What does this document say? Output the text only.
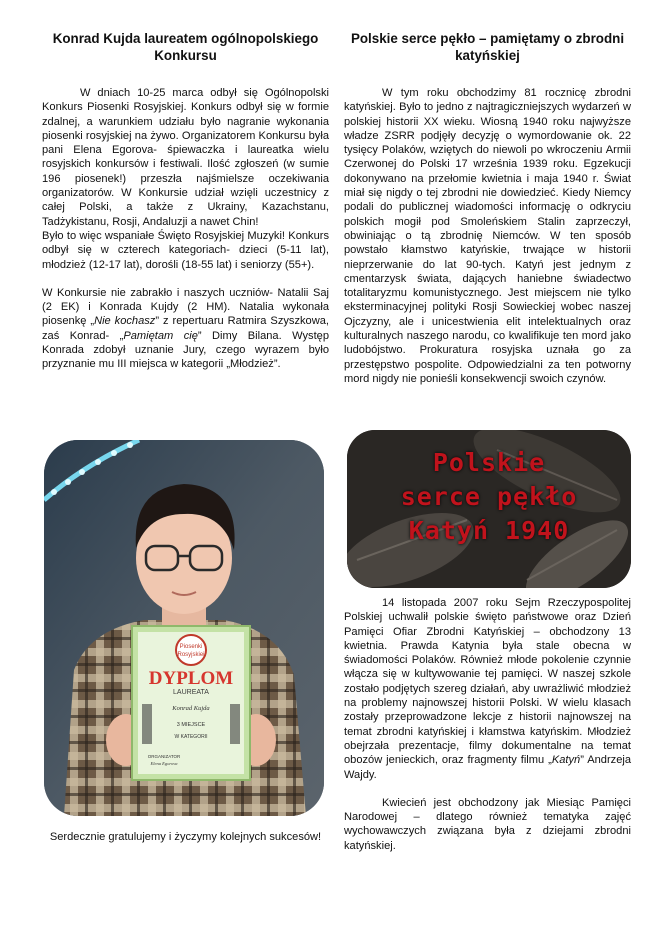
Konrad Kujda laureatem ogólnopolskiego Konkursu

W dniach 10-25 marca odbył się Ogólnopolski Konkurs Piosenki Rosyjskiej. Konkurs odbył się w formie zdalnej, a warunkiem udziału było nagranie wykonania piosenki rosyjskiej na żywo. Organizatorem Konkursu była pani Elena Egorova- śpiewaczka i laureatka wielu rosyjskich konkursów i festiwali. Ilość zgłoszeń (w sumie 196 piosenek!) przeszła najśmielsze oczekiwania organizatorów. W Konkursie udział wzięli uczestnicy z całej Polski, a także z Ukrainy, Kazachstanu, Tadżykistanu, Rosji, Andaluzji a nawet Chin!

Było to więc wspaniałe Święto Rosyjskiej Muzyki! Konkurs odbył się w czterech kategoriach- dzieci (5-11 lat), młodzież (12-17 lat), dorośli (18-55 lat) i seniorzy (55+).

W Konkursie nie zabrakło i naszych uczniów- Natalii Saj (2 EK) i Konrada Kujdy (2 HM). Natalia wykonała piosenkę „Nie kochasz” z repertuaru Ratmira Szyszkowa, zaś Konrad- „Pamiętam cię” Dimy Bilana. Występ Konrada zdobył uznanie Jury, czego wyrazem było przyznanie mu III miejsca w kategorii „Młodzież”.

Piosenki
Rosyjskiej
DYPLOM
LAUREATA
Konrad Kujda
3 MIEJSCE
W KATEGORII
ORGANIZATOR
Elena Egorova
Serdecznie gratulujemy i życzymy kolejnych sukcesów!
Polskie serce pękło – pamiętamy o zbrodni katyńskiej

W tym roku obchodzimy 81 rocznicę zbrodni katyńskiej. Było to jedno z najtragiczniejszych wydarzeń w polskiej historii XX wieku. Wiosną 1940 roku najwyższe władze ZSRR podjęły decyzję o wymordowanie ok. 22 tysięcy Polaków, wziętych do niewoli po wkroczeniu Armii Czerwonej do Polski 17 września 1939 roku. Egzekucji dokonywano na przełomie kwietnia i maja 1940 r. Świat miał się nigdy o tej zbrodni nie dowiedzieć. Kiedy Niemcy podali do publicznej wiadomości informację o odkryciu polskich mogił pod Smoleńskiem Stalin zaprzeczył, obwiniając o tą zbrodnię Niemców. W ten sposób powstało kłamstwo katyńskie, trwające w historii nieprzerwanie do lat 90-tych. Katyń jest jednym z cmentarzysk świata, dających haniebne świadectwo totalitaryzmu komunistycznego. Jest miejscem nie tylko eksterminacyjnej polityki Rosji Sowieckiej wobec naszej Ojczyzny, ale i unicestwienia elit intelektualnych oraz kulturalnych naszego narodu, co kwalifikuje ten mord jako ludobójstwo. Prokuratura rosyjska uznała go za przestępstwo pospolite. Odpowiedzialni za ten potworny mord nigdy nie ponieśli konsekwencji swoich czynów.

Polskie
serce pękło
Katyń 1940

14 listopada 2007 roku Sejm Rzeczypospolitej Polskiej uchwalił polskie święto państwowe oraz Dzień Pamięci Ofiar Zbrodni Katyńskiej – obchodzony 13 kwietnia. Prawda Katynia była stale obecna w świadomości Polaków. Również młode pokolenie czynnie włącza się w kultywowanie tej pamięci. W naszej szkole zostało podjętych szereg działań, aby uwrażliwić młodzież na problemy najnowszej historii Polski. W wielu klasach zostały przeprowadzone lekcje z historii najnowszej na temat zbrodni katyńskiej i kłamstwa katyńskim. Młodzież obejrzała prezentacje, filmy dokumentalne na temat obozów jenieckich, oraz fragmenty filmu „Katyń” Andrzeja Wajdy.

Kwiecień jest obchodzony jak Miesiąc Pamięci Narodowej – dlatego również tematyka zajęć wychowawczych związana była z dziejami zbrodni katyńskiej.
